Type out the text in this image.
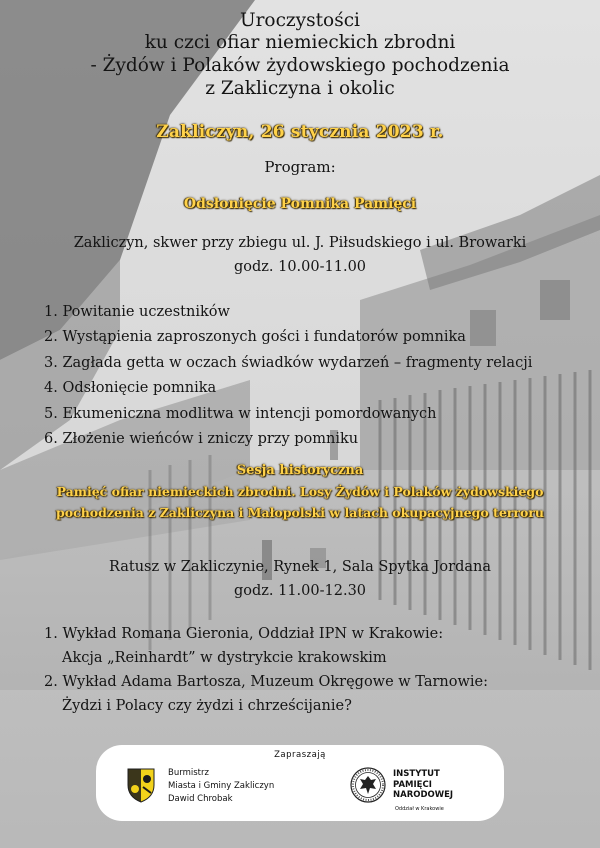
Uroczystości
ku czci ofiar niemieckich zbrodni
- Żydów i Polaków żydowskiego pochodzenia
z Zakliczyna i okolic
Zakliczyn, 26 stycznia 2023 r.
Program:
Odsłonięcie Pomnika Pamięci
Zakliczyn, skwer przy zbiegu ul. J. Piłsudskiego i ul. Browarki
godz. 10.00-11.00
1. Powitanie uczestników
2. Wystąpienia zaproszonych gości i fundatorów pomnika
3. Zagłada getta w oczach świadków wydarzeń – fragmenty relacji
4. Odsłonięcie pomnika
5. Ekumeniczna modlitwa w intencji pomordowanych
6. Złożenie wieńców i zniczy przy pomniku
Sesja historyczna
Pamięć ofiar niemieckich zbrodni. Losy Żydów i Polaków żydowskiego
pochodzenia z Zakliczyna i Małopolski w latach okupacyjnego terroru
Ratusz w Zakliczynie, Rynek 1, Sala Spytka Jordana
godz. 11.00-12.30
1. Wykład Romana Gieronia, Oddział IPN w Krakowie:
Akcja „Reinhardt” w dystrykcie krakowskim
2. Wykład Adama Bartosza, Muzeum Okręgowe w Tarnowie:
Żydzi i Polacy czy żydzi i chrześcijanie?
Zapraszają
Burmistrz
Miasta i Gminy Zakliczyn
Dawid Chrobak
INSTYTUT
PAMIĘCI
NARODOWEJ
Oddział w Krakowie
